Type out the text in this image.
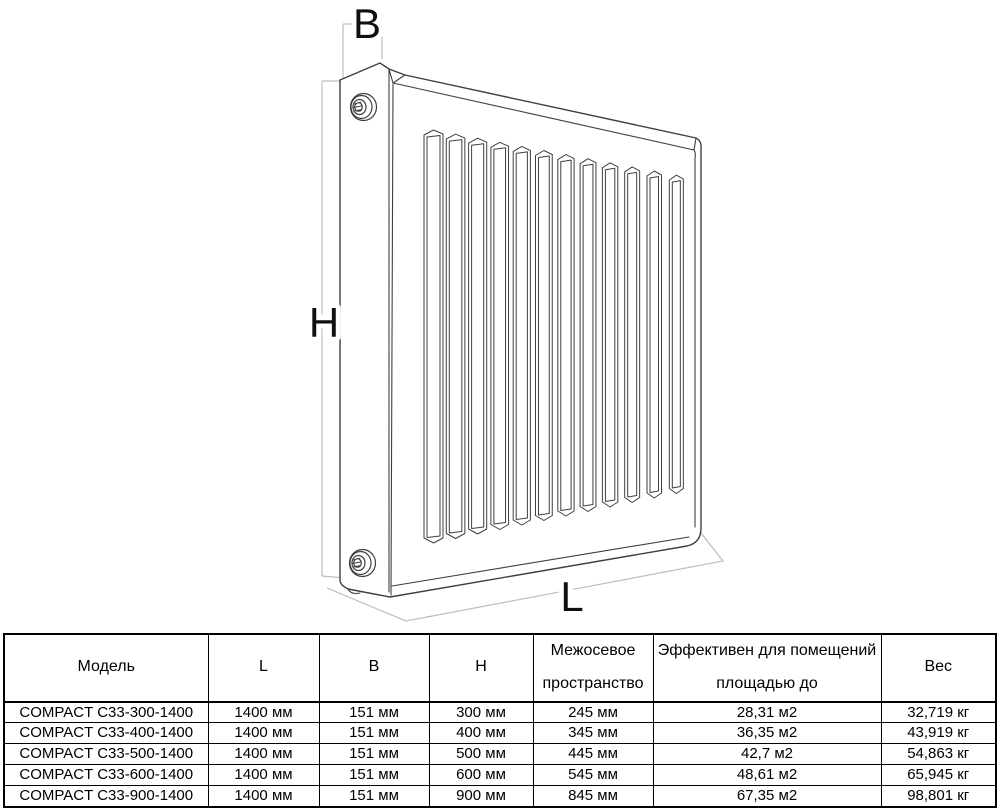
B
H
L
Модель	L	B	H	Межосевое пространство	Эффективен для помещений площадью до	Вес
COMPACT C33-300-1400	1400 мм	151 мм	300 мм	245 мм	28,31 м2	32,719 кг
COMPACT C33-400-1400	1400 мм	151 мм	400 мм	345 мм	36,35 м2	43,919 кг
COMPACT C33-500-1400	1400 мм	151 мм	500 мм	445 мм	42,7 м2	54,863 кг
COMPACT C33-600-1400	1400 мм	151 мм	600 мм	545 мм	48,61 м2	65,945 кг
COMPACT C33-900-1400	1400 мм	151 мм	900 мм	845 мм	67,35 м2	98,801 кг
